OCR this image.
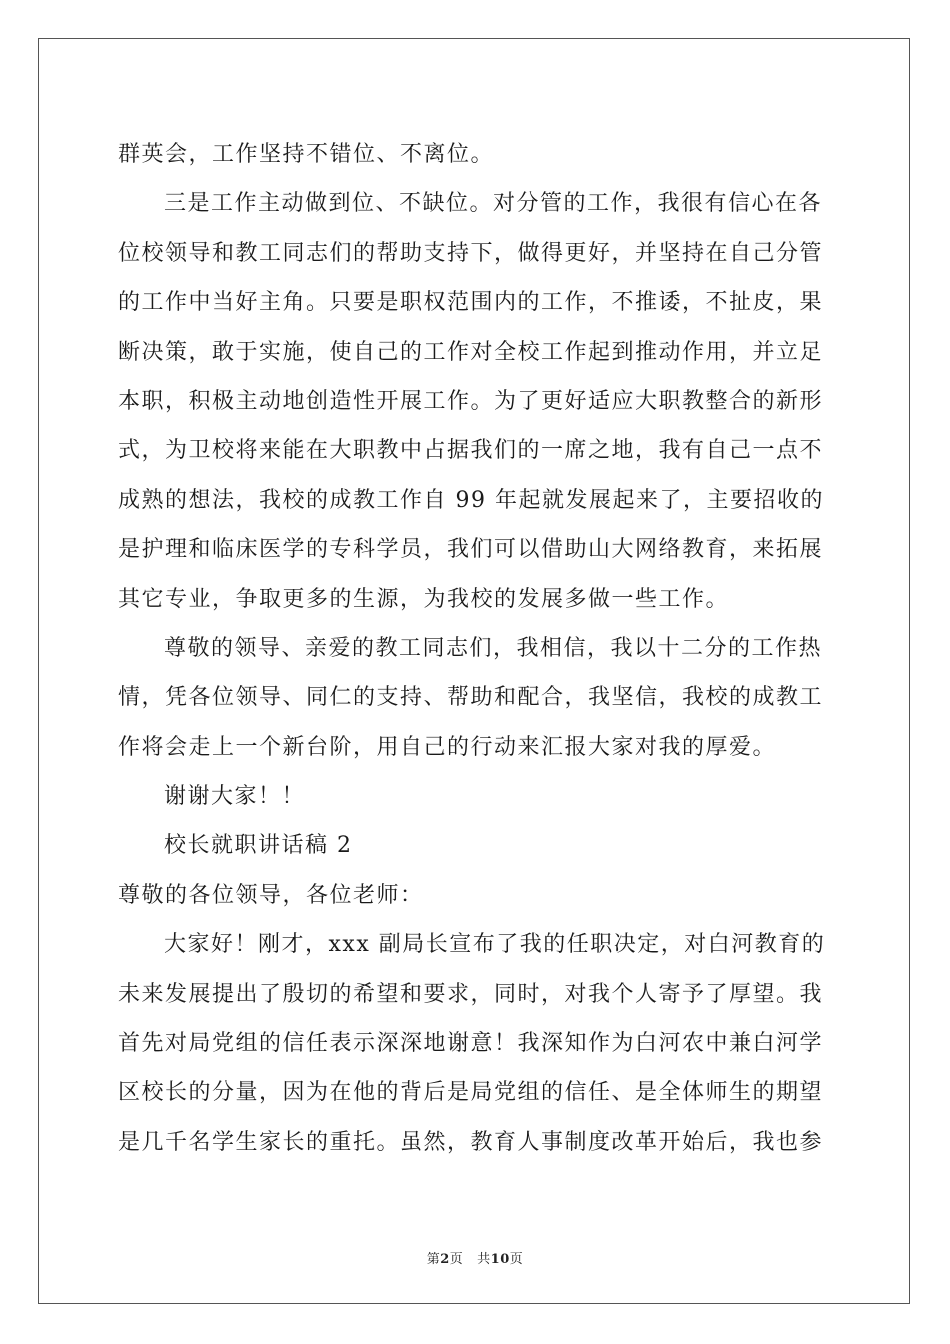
群英会，工作坚持不错位、不离位。
三是工作主动做到位、不缺位。对分管的工作，我很有信心在各
位校领导和教工同志们的帮助支持下，做得更好，并坚持在自己分管
的工作中当好主角。只要是职权范围内的工作，不推诿，不扯皮，果
断决策，敢于实施，使自己的工作对全校工作起到推动作用，并立足
本职，积极主动地创造性开展工作。为了更好适应大职教整合的新形
式，为卫校将来能在大职教中占据我们的一席之地，我有自己一点不
成熟的想法，我校的成教工作自 99 年起就发展起来了，主要招收的
是护理和临床医学的专科学员，我们可以借助山大网络教育，来拓展
其它专业，争取更多的生源，为我校的发展多做一些工作。
尊敬的领导、亲爱的教工同志们，我相信，我以十二分的工作热
情，凭各位领导、同仁的支持、帮助和配合，我坚信，我校的成教工
作将会走上一个新台阶，用自己的行动来汇报大家对我的厚爱。
谢谢大家！！
校长就职讲话稿 2
尊敬的各位领导，各位老师：
大家好！刚才，xxx 副局长宣布了我的任职决定，对白河教育的
未来发展提出了殷切的希望和要求，同时，对我个人寄予了厚望。我
首先对局党组的信任表示深深地谢意！我深知作为白河农中兼白河学
区校长的分量，因为在他的背后是局党组的信任、是全体师生的期望
是几千名学生家长的重托。虽然，教育人事制度改革开始后，我也参
第2页   共10页
